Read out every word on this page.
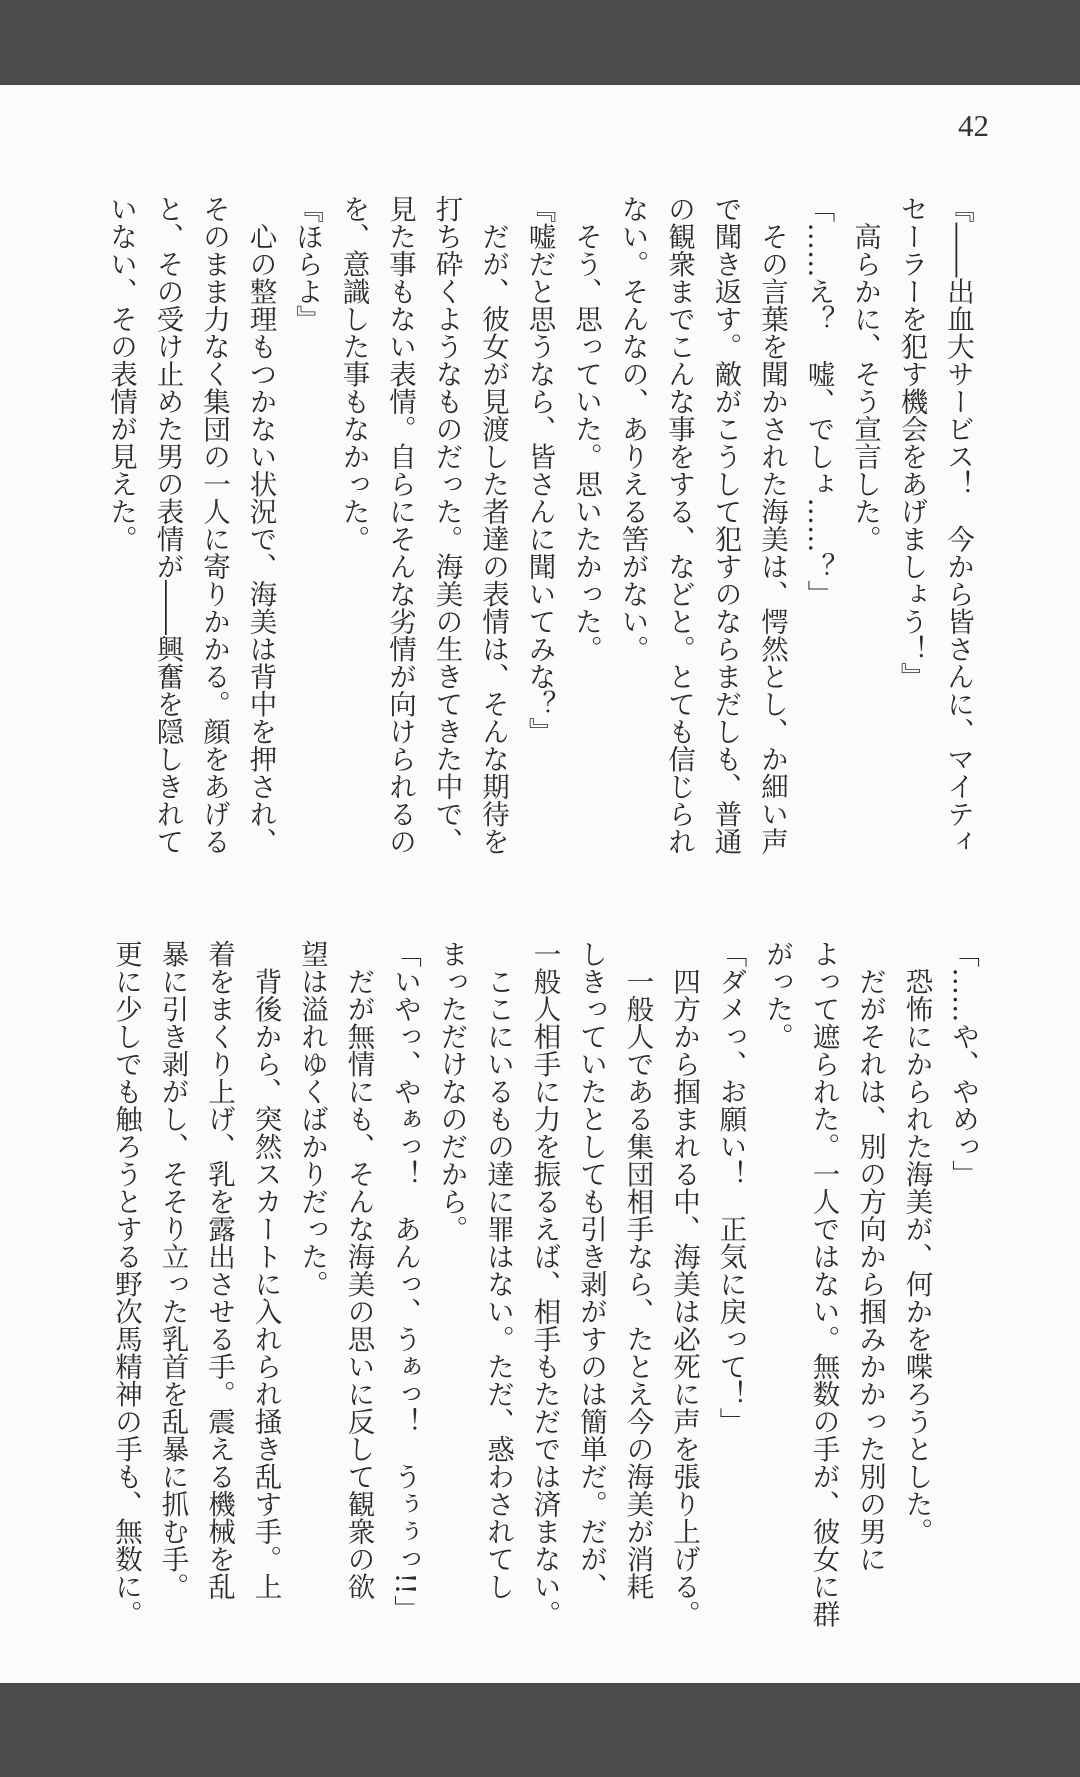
42
『――出血大サービス！　今から皆さんに、マイティ
セーラーを犯す機会をあげましょう！』
　高らかに、そう宣言した。
「……え？　嘘、でしょ……？」
　その言葉を聞かされた海美は、愕然とし、か細い声
で聞き返す。敵がこうして犯すのならまだしも、普通
の観衆までこんな事をする、などと。とても信じられ
ない。そんなの、ありえる筈がない。
　そう、思っていた。思いたかった。
『嘘だと思うなら、皆さんに聞いてみな？』
　だが、彼女が見渡した者達の表情は、そんな期待を
打ち砕くようなものだった。海美の生きてきた中で、
見た事もない表情。自らにそんな劣情が向けられるの
を、意識した事もなかった。
『ほらよ』
　心の整理もつかない状況で、海美は背中を押され、
そのまま力なく集団の一人に寄りかかる。顔をあげる
と、その受け止めた男の表情が――興奮を隠しきれて
いない、その表情が見えた。
「……や、やめっ」
　恐怖にかられた海美が、何かを喋ろうとした。
　だがそれは、別の方向から掴みかかった別の男に
よって遮られた。一人ではない。無数の手が、彼女に群
がった。
「ダメっ、お願い！　正気に戻って！」
　四方から掴まれる中、海美は必死に声を張り上げる。
　一般人である集団相手なら、たとえ今の海美が消耗
しきっていたとしても引き剥がすのは簡単だ。だが、
一般人相手に力を振るえば、相手もただでは済まない。
　ここにいるもの達に罪はない。ただ、惑わされてし
まっただけなのだから。
「いやっ、やぁっ！　あんっ、うぁっ！　うぅぅっ!!」
　だが無情にも、そんな海美の思いに反して観衆の欲
望は溢れゆくばかりだった。
　背後から、突然スカートに入れられ掻き乱す手。上
着をまくり上げ、乳を露出させる手。震える機械を乱
暴に引き剥がし、そそり立った乳首を乱暴に抓む手。
更に少しでも触ろうとする野次馬精神の手も、無数に。
